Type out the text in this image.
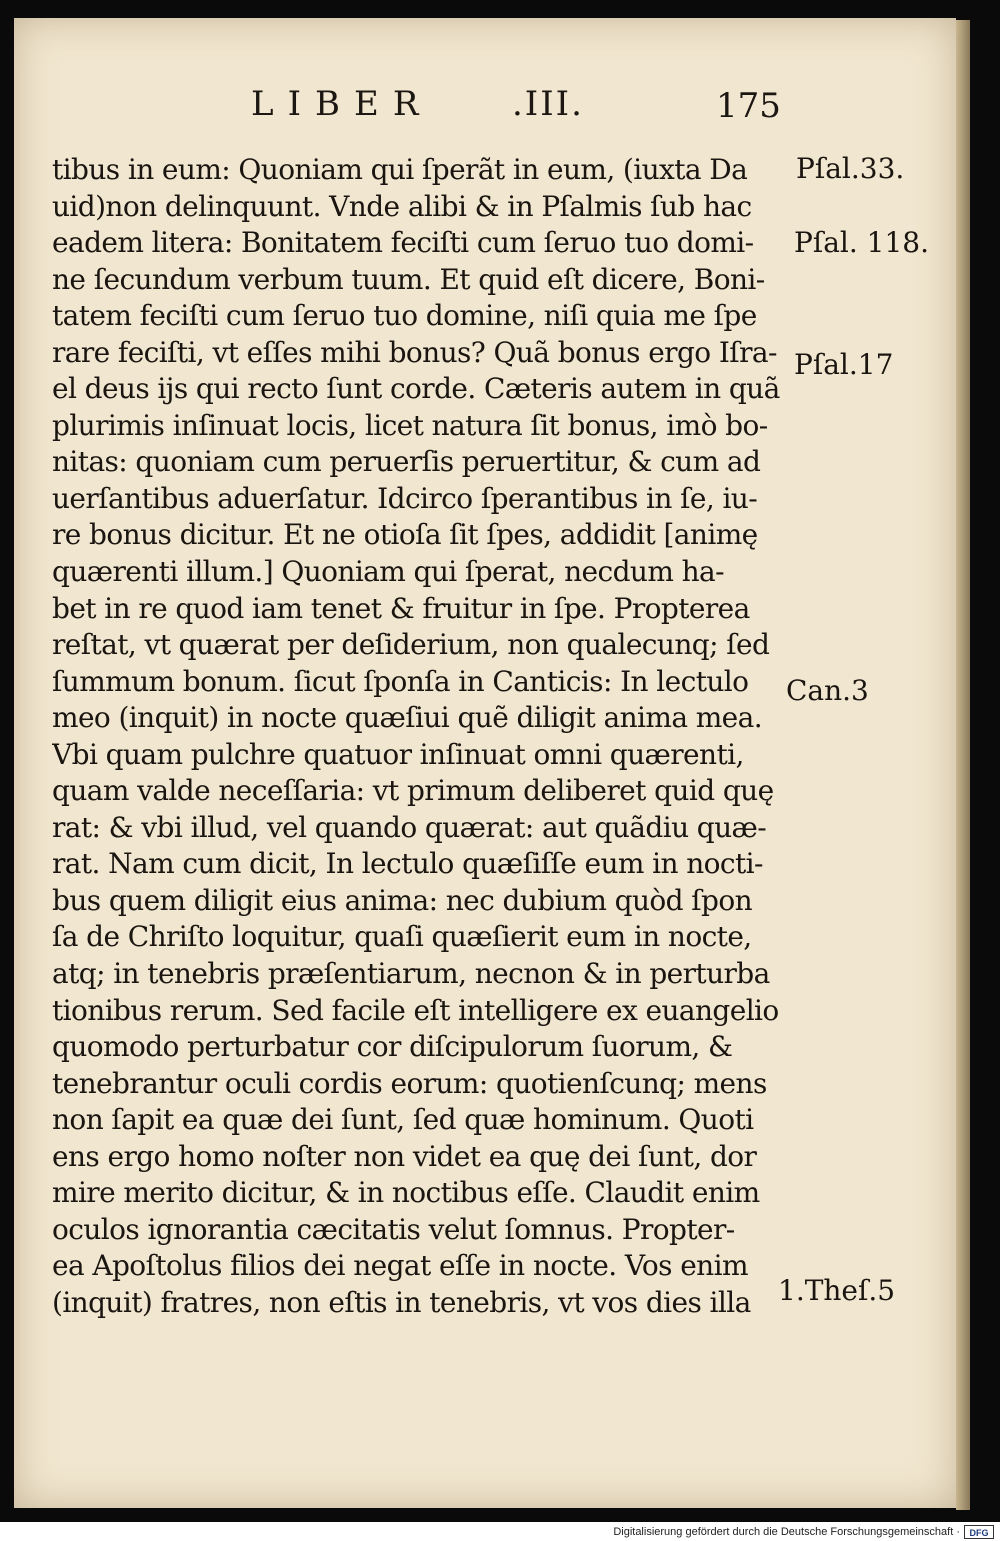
LIBER .III.	175
tibus in eum: Quoniam qui ſperãt in eum, (iuxta Da
uid)non delinquunt. Vnde alibi & in Pſalmis ſub hac
eadem litera: Bonitatem feciſti cum ſeruo tuo domi-
ne ſecundum verbum tuum. Et quid eſt dicere, Boni-
tatem feciſti cum ſeruo tuo domine, niſi quia me ſpe
rare feciſti, vt eſſes mihi bonus? Quã bonus ergo Iſra-
el deus iјs qui recto ſunt corde. Cæteris autem in quã
plurimis inſinuat locis, licet natura ſit bonus, imò bo-
nitas: quoniam cum peruerſis peruertitur, & cum ad
uerſantibus aduerſatur. Idcirco ſperantibus in ſe, iu-
re bonus dicitur. Et ne otioſa ſit ſpes, addidit [animę
quærenti illum.] Quoniam qui ſperat, necdum ha-
bet in re quod iam tenet & fruitur in ſpe. Propterea
reſtat, vt quærat per deſiderium, non qualecunq; ſed
ſummum bonum. ſicut ſponſa in Canticis: In lectulo
meo (inquit) in nocte quæſiui quẽ diligit anima mea.
Vbi quam pulchre quatuor inſinuat omni quærenti,
quam valde neceſſaria: vt primum deliberet quid quę
rat: & vbi illud, vel quando quærat: aut quãdiu quæ-
rat. Nam cum dicit, In lectulo quæſiſſe eum in nocti-
bus quem diligit eius anima: nec dubium quòd ſpon
ſa de Chriſto loquitur, quaſi quæſierit eum in nocte,
atq; in tenebris præſentiarum, necnon & in perturba
tionibus rerum. Sed facile eſt intelligere ex euangelio
quomodo perturbatur cor diſcipulorum ſuorum, &
tenebrantur oculi cordis eorum: quotienſcunq; mens
non ſapit ea quæ dei ſunt, ſed quæ hominum. Quoti
ens ergo homo noſter non videt ea quę dei ſunt, dor
mire merito dicitur, & in noctibus eſſe. Claudit enim
oculos ignorantia cæcitatis velut ſomnus. Propter-
ea Apoſtolus filios dei negat eſſe in nocte. Vos enim
(inquit) fratres, non eſtis in tenebris, vt vos dies illa
Pſal.33.
Pſal. 118.
Pſal.17
Can.3
1.Theſ.5
Digitalisierung gefördert durch die Deutsche Forschungsgemeinschaft ·	DFG
